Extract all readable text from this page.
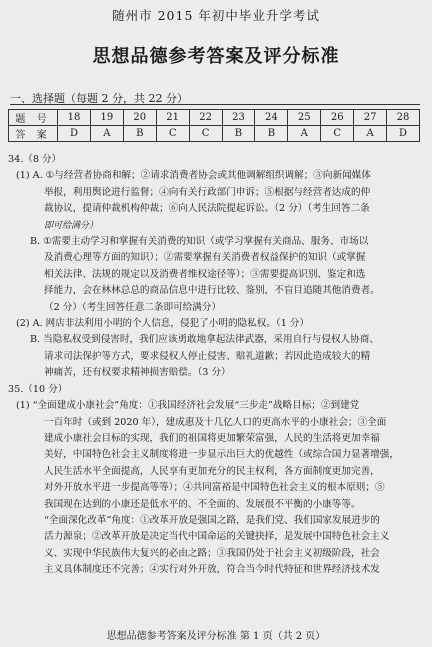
随州市 2015 年初中毕业升学考试
思想品德参考答案及评分标准
一、选择题（每题 2 分，共 22 分）
题 号	18	19	20	21	22	23	24	25	26	27	28
答 案	D	A	B	C	C	B	B	A	C	A	D

34.（8 分）

(1) A. ①与经营者协商和解；②请求消费者协会或其他调解组织调解；③向新闻媒体

举报，利用舆论进行监督；④向有关行政部门申诉；⑤根据与经营者达成的仲

裁协议，提请仲裁机构仲裁；⑥向人民法院提起诉讼。（2 分）（考生回答二条

即可给满分）

B. ①需要主动学习和掌握有关消费的知识（或学习掌握有关商品、服务、市场以

及消费心理等方面的知识）；②需要掌握有关消费者权益保护的知识（或掌握

相关法律、法规的规定以及消费者维权途径等）；③需要提高识别、鉴定和选

择能力，会在林林总总的商品信息中进行比较、鉴别，不盲目追随其他消费者。

（2 分）（考生回答任意二条即可给满分）

(2) A. 网店非法利用小明的个人信息，侵犯了小明的隐私权。（1 分）

B. 当隐私权受到侵害时，我们应该勇敢地拿起法律武器，采用自行与侵权人协商、

请求司法保护等方式，要求侵权人停止侵害、赔礼道歉；若因此造成较大的精

神痛苦，还有权要求精神损害赔偿。（3 分）

35.（10 分）

(1) “全面建成小康社会”角度：①我国经济社会发展“三步走”战略目标；②到建党

一百年时（或到 2020 年），建成惠及十几亿人口的更高水平的小康社会；③全面

建成小康社会目标的实现，我们的祖国将更加繁荣富强，人民的生活将更加幸福

美好，中国特色社会主义制度将进一步显示出巨大的优越性（或综合国力显著增强，

人民生活水平全面提高，人民享有更加充分的民主权利，各方面制度更加完善，

对外开放水平进一步提高等等）；④共同富裕是中国特色社会主义的根本原则；⑤

我国现在达到的小康还是低水平的、不全面的、发展很不平衡的小康等等。

“全面深化改革”角度：①改革开放是强国之路，是我们党、我们国家发展进步的

活力源泉；②改革开放是决定当代中国命运的关键抉择，是发展中国特色社会主义

义、实现中华民族伟大复兴的必由之路；③我国仍处于社会主义初级阶段，社会

主义具体制度还不完善；④实行对外开放，符合当今时代特征和世界经济技术发

思想品德参考答案及评分标准 第 1 页（共 2 页）
